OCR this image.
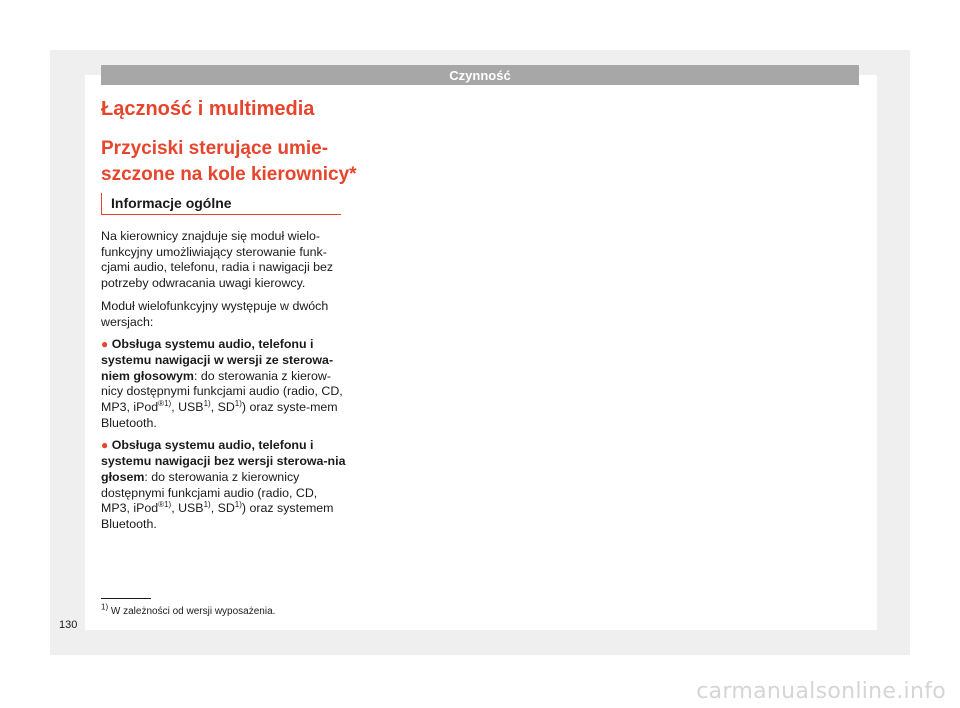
Czynność
Łączność i multimedia
Przyciski sterujące umie-
szczone na kole kierownicy*
Informacje ogólne

Na kierownicy znajduje się moduł wielo-funkcyjny umożliwiający sterowanie funk-cjami audio, telefonu, radia i nawigacji bez potrzeby odwracania uwagi kierowcy.

Moduł wielofunkcyjny występuje w dwóch wersjach:

● Obsługa systemu audio, telefonu i systemu nawigacji w wersji ze sterowa-niem głosowym: do sterowania z kierow-nicy dostępnymi funkcjami audio (radio, CD, MP3, iPod$^{®1)}$, USB$^{1)}$, SD$^{1)}$) oraz syste-mem Bluetooth.
● Obsługa systemu audio, telefonu i systemu nawigacji bez wersji sterowa-nia głosem: do sterowania z kierownicy dostępnymi funkcjami audio (radio, CD, MP3, iPod$^{®1)}$, USB$^{1)}$, SD$^{1)}$) oraz systemem Bluetooth.
$^{1)}$ W zależności od wersji wyposażenia.
130
carmanualsonline.info
